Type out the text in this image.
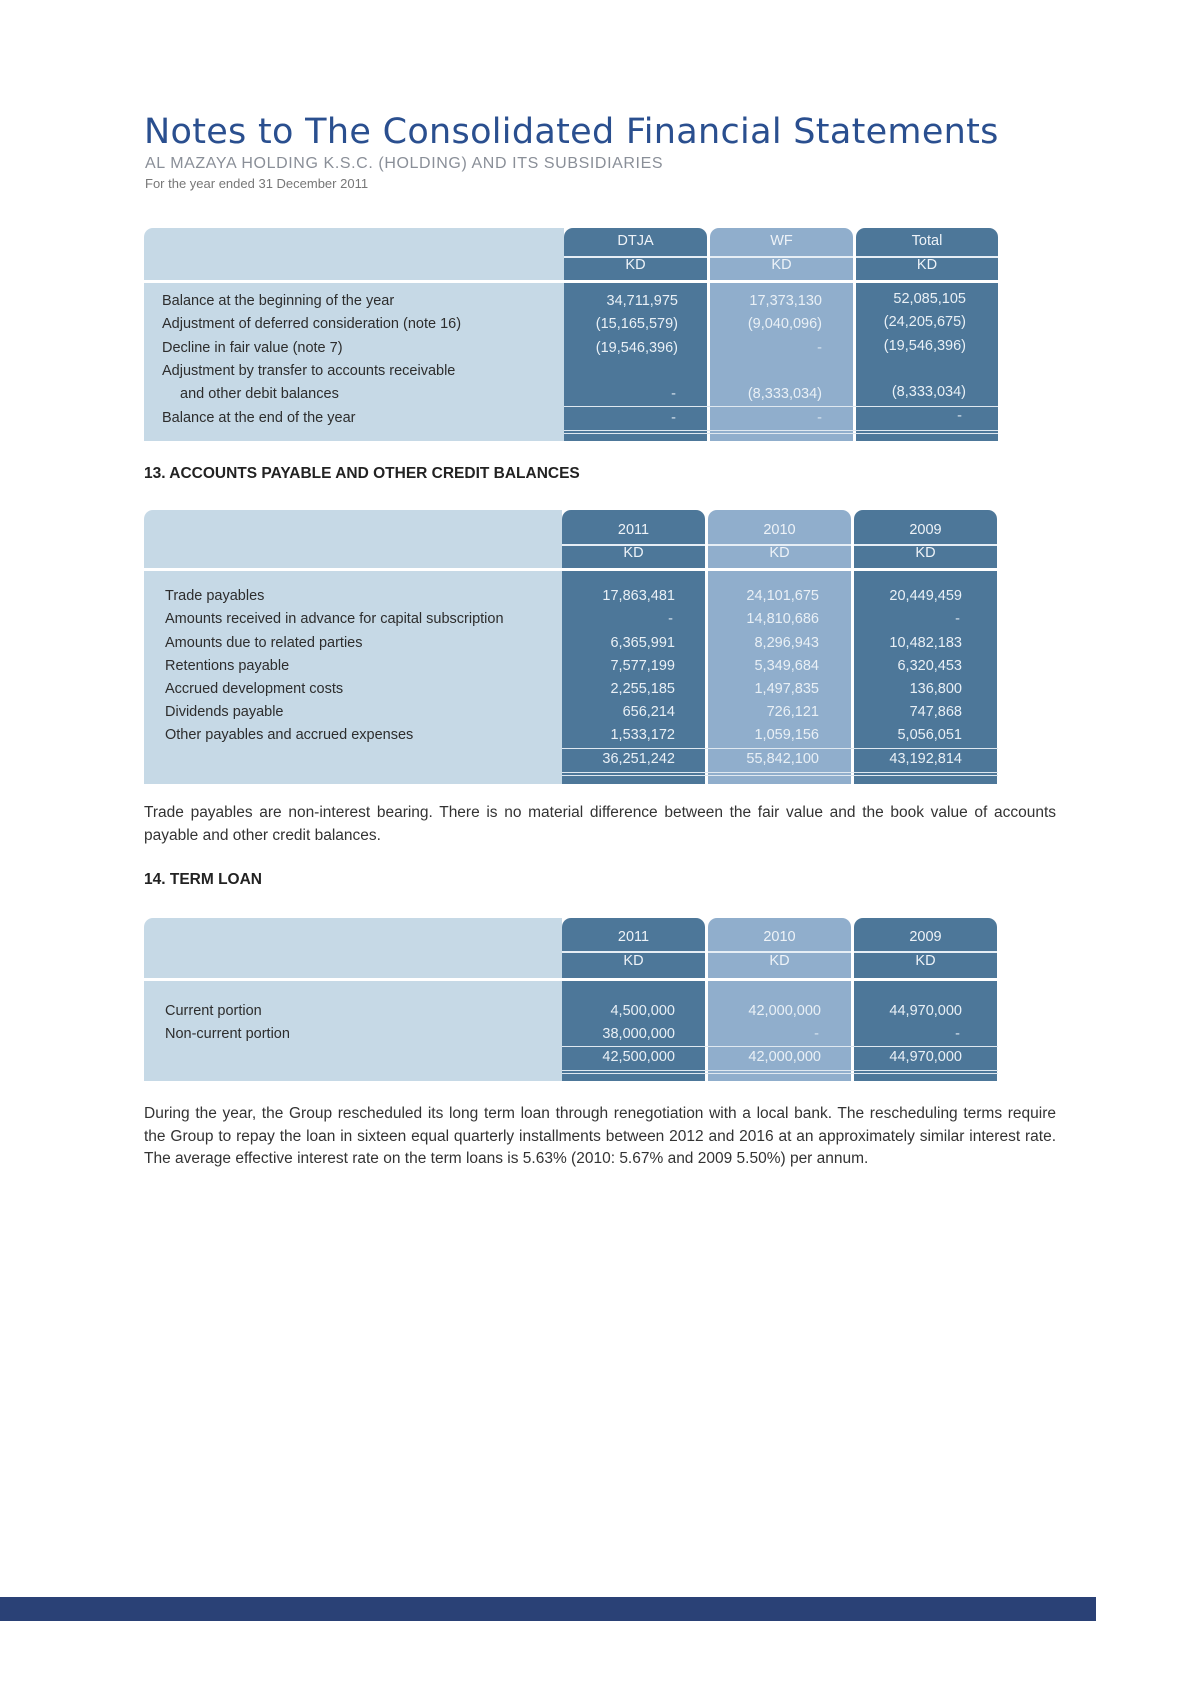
Notes to The Consolidated Financial Statements
AL MAZAYA HOLDING K.S.C. (HOLDING) AND ITS SUBSIDIARIES
For the year ended 31 December 2011
DTJA
KD
WF
KD
Total
KD
Balance at the beginning of the year
Adjustment of deferred consideration (note 16)
Decline in fair value (note 7)
Adjustment by transfer to accounts receivable
and other debit balances
Balance at the end of the year
34,711,975
(15,165,579)
(19,546,396)
-
-
17,373,130
(9,040,096)
-
(8,333,034)
-
52,085,105
(24,205,675)
(19,546,396)
(8,333,034)
-
13. ACCOUNTS PAYABLE AND OTHER CREDIT BALANCES
2011
KD
2010
KD
2009
KD
Trade payables
Amounts received in advance for capital subscription
Amounts due to related parties
Retentions payable
Accrued development costs
Dividends payable
Other payables and accrued expenses
17,863,481
-
6,365,991
7,577,199
2,255,185
656,214
1,533,172
36,251,242
24,101,675
14,810,686
8,296,943
5,349,684
1,497,835
726,121
1,059,156
55,842,100
20,449,459
-
10,482,183
6,320,453
136,800
747,868
5,056,051
43,192,814

Trade payables are non-interest bearing. There is no material difference between the fair value and the book value of accounts payable and other credit balances.

14. TERM LOAN
2011
KD
2010
KD
2009
KD
Current portion
Non-current portion
4,500,000
38,000,000
42,500,000
42,000,000
-
42,000,000
44,970,000
-
44,970,000

During the year, the Group rescheduled its long term loan through renegotiation with a local bank. The rescheduling terms require the Group to repay the loan in sixteen equal quarterly installments between 2012 and 2016 at an approximately similar interest rate. The average effective interest rate on the term loans is 5.63% (2010: 5.67% and 2009 5.50%) per annum.
